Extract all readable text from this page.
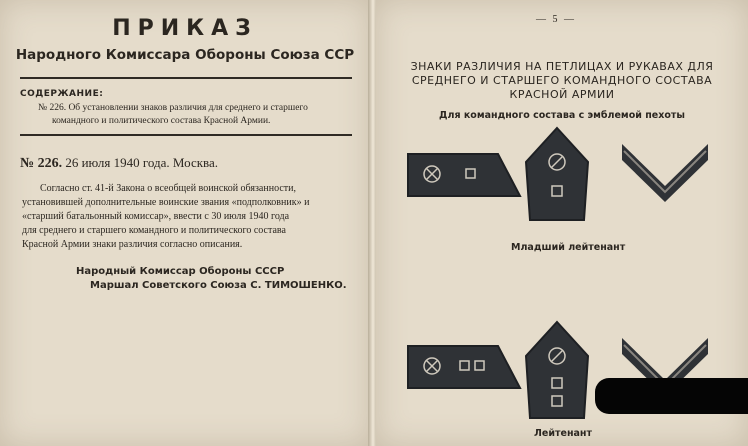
ПРИКАЗ
Народного Комиссара Обороны Союза ССР
СОДЕРЖАНИЕ:
№ 226. Об установлении знаков различия для среднего и старшего
командного и политического состава Красной Армии.
№ 226. 26 июля 1940 года. Москва.
Согласно ст. 41-й Закона о всеобщей воинской обязанности,
установившей дополнительные воинские звания «подполковник» и
«старший батальонный комиссар», ввести с 30 июля 1940 года
для среднего и старшего командного и политического состава
Красной Армии знаки различия согласно описания.
Народный Комиссар Обороны СССР
Маршал Советского Союза С. ТИМОШЕНКО.
— 5 —
ЗНАКИ РАЗЛИЧИЯ НА ПЕТЛИЦАХ И РУКАВАХ ДЛЯ
СРЕДНЕГО И СТАРШЕГО КОМАНДНОГО СОСТАВА
КРАСНОЙ АРМИИ
Для командного состава с эмблемой пехоты
Младший лейтенант
Лейтенант
